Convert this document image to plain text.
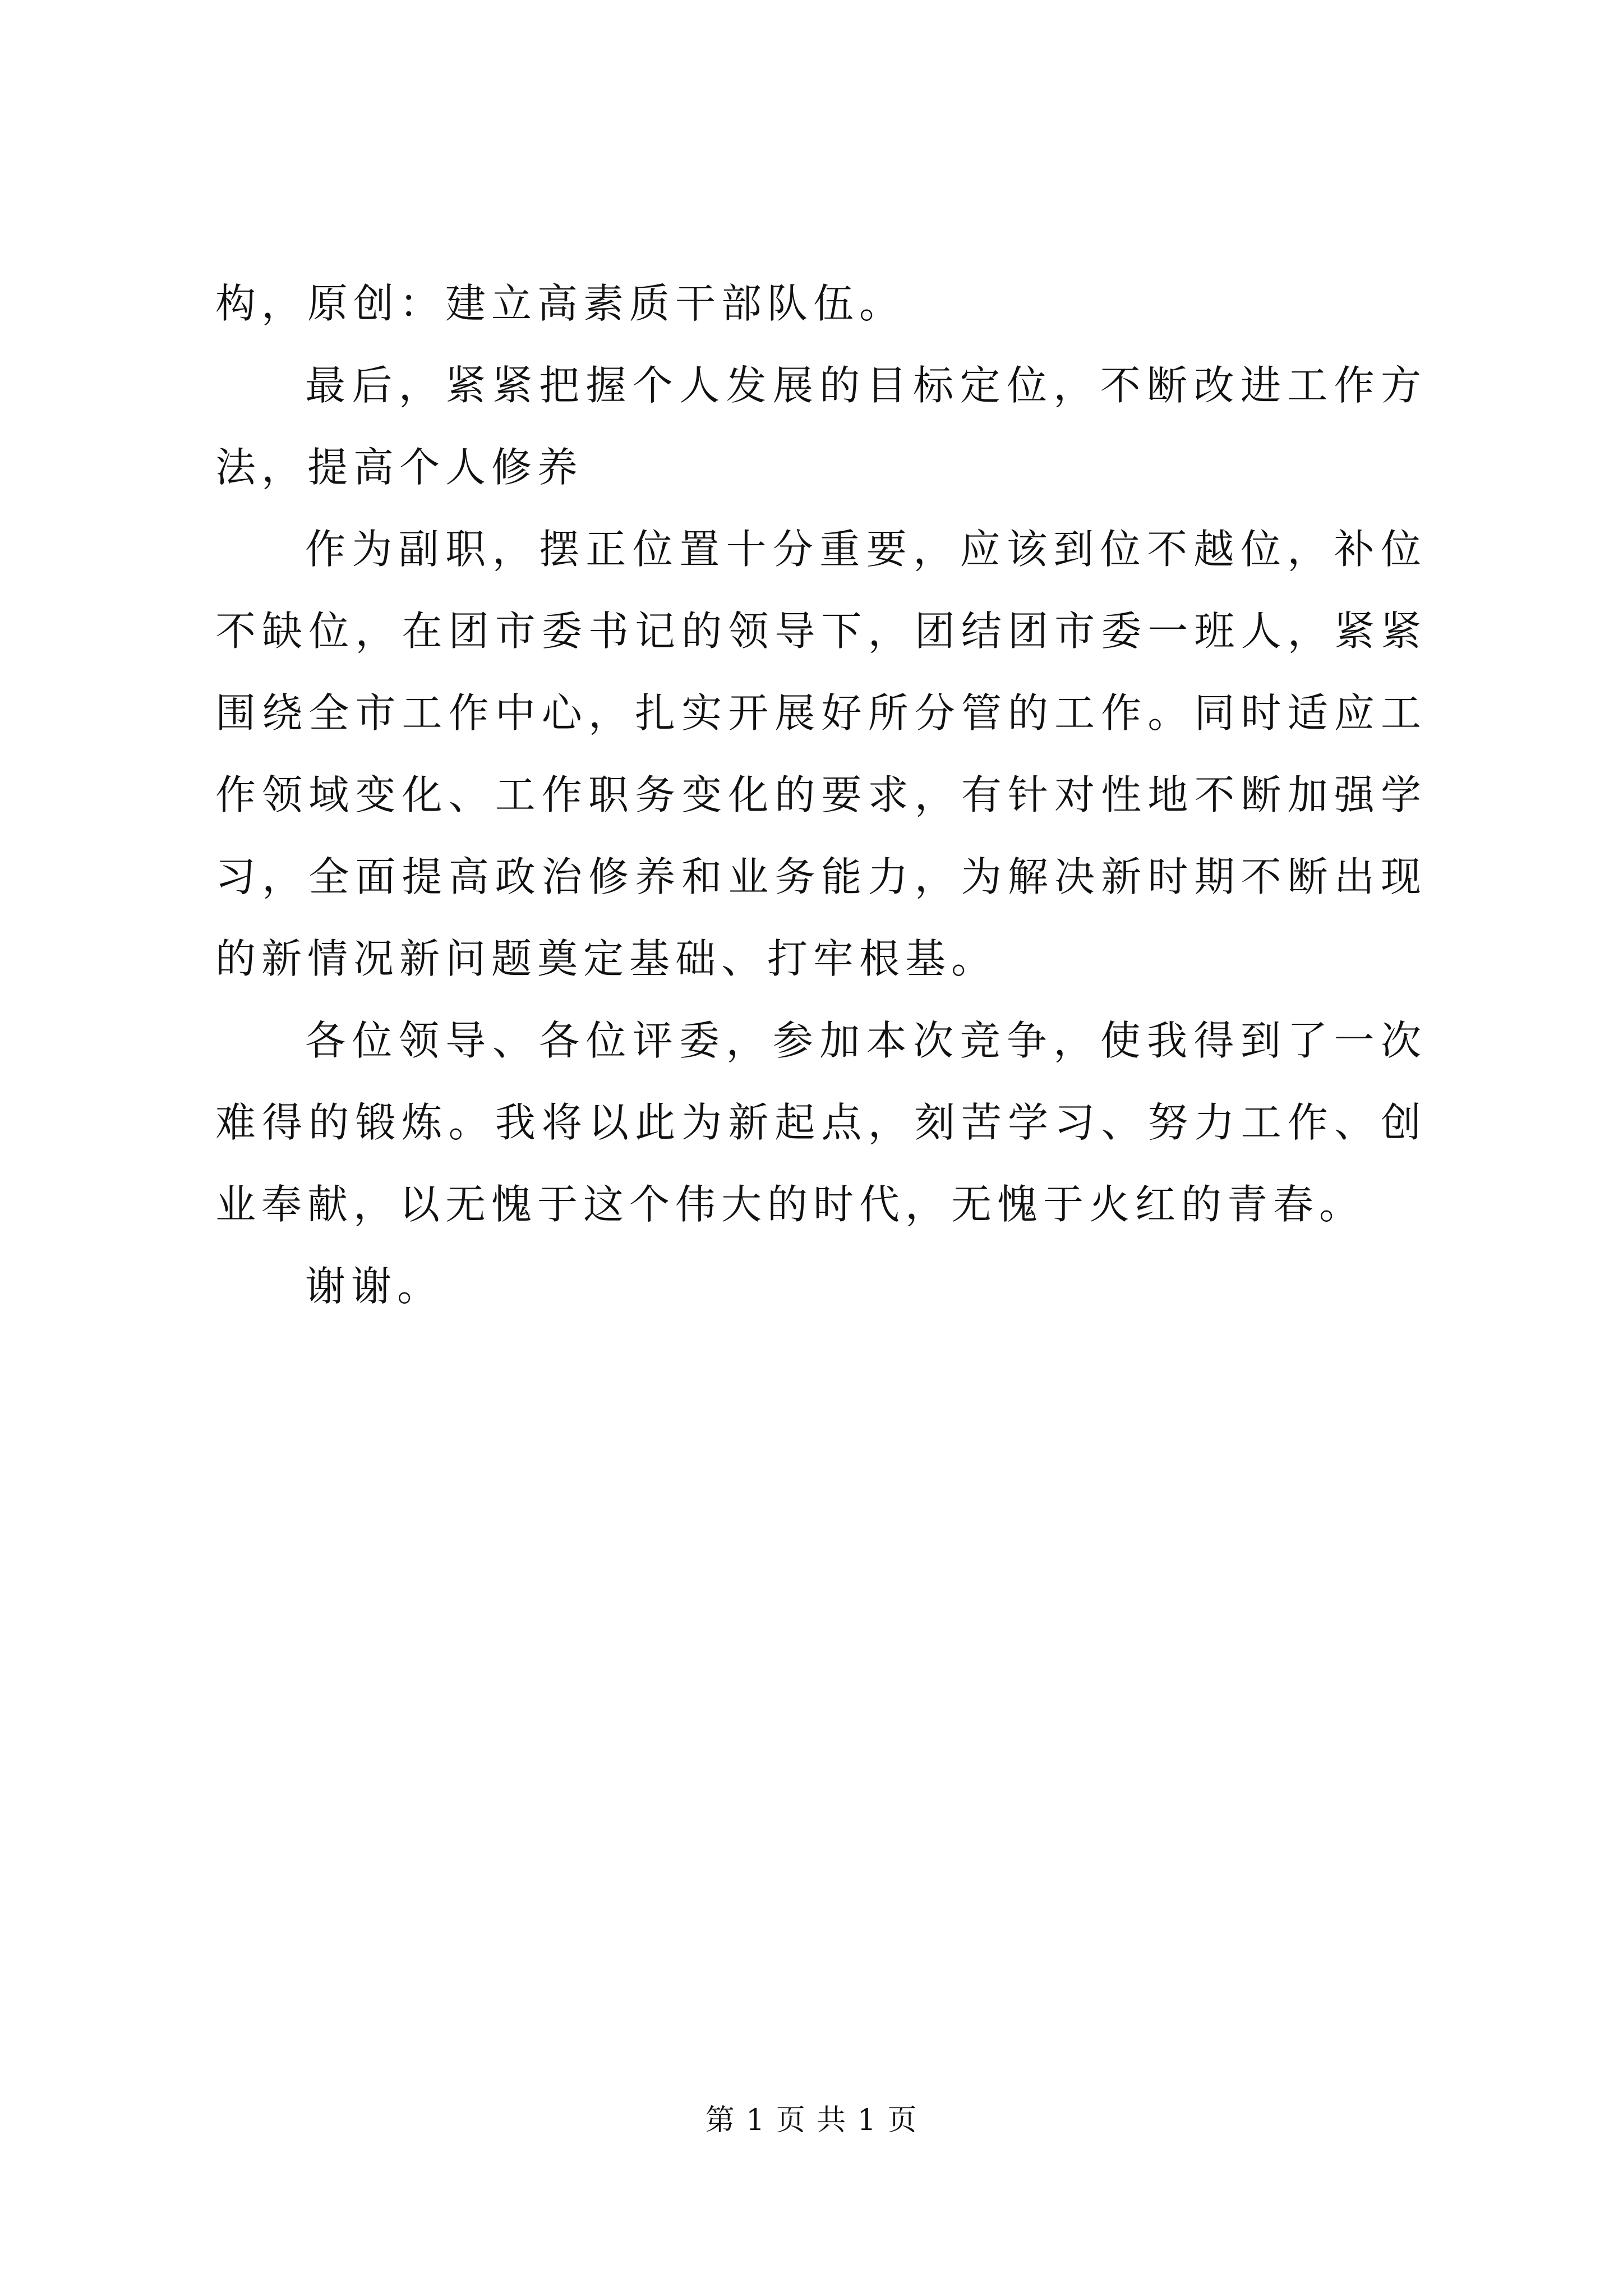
构，原创：建立高素质干部队伍。

最后，紧紧把握个人发展的目标定位，不断改进工作方法，提高个人修养

作为副职，摆正位置十分重要，应该到位不越位，补位不缺位，在团市委书记的领导下，团结团市委一班人，紧紧围绕全市工作中心，扎实开展好所分管的工作。同时适应工作领域变化、工作职务变化的要求，有针对性地不断加强学习，全面提高政治修养和业务能力，为解决新时期不断出现的新情况新问题奠定基础、打牢根基。

各位领导、各位评委，参加本次竞争，使我得到了一次难得的锻炼。我将以此为新起点，刻苦学习、努力工作、创业奉献，以无愧于这个伟大的时代，无愧于火红的青春。

谢谢。

第 1 页 共 1 页
